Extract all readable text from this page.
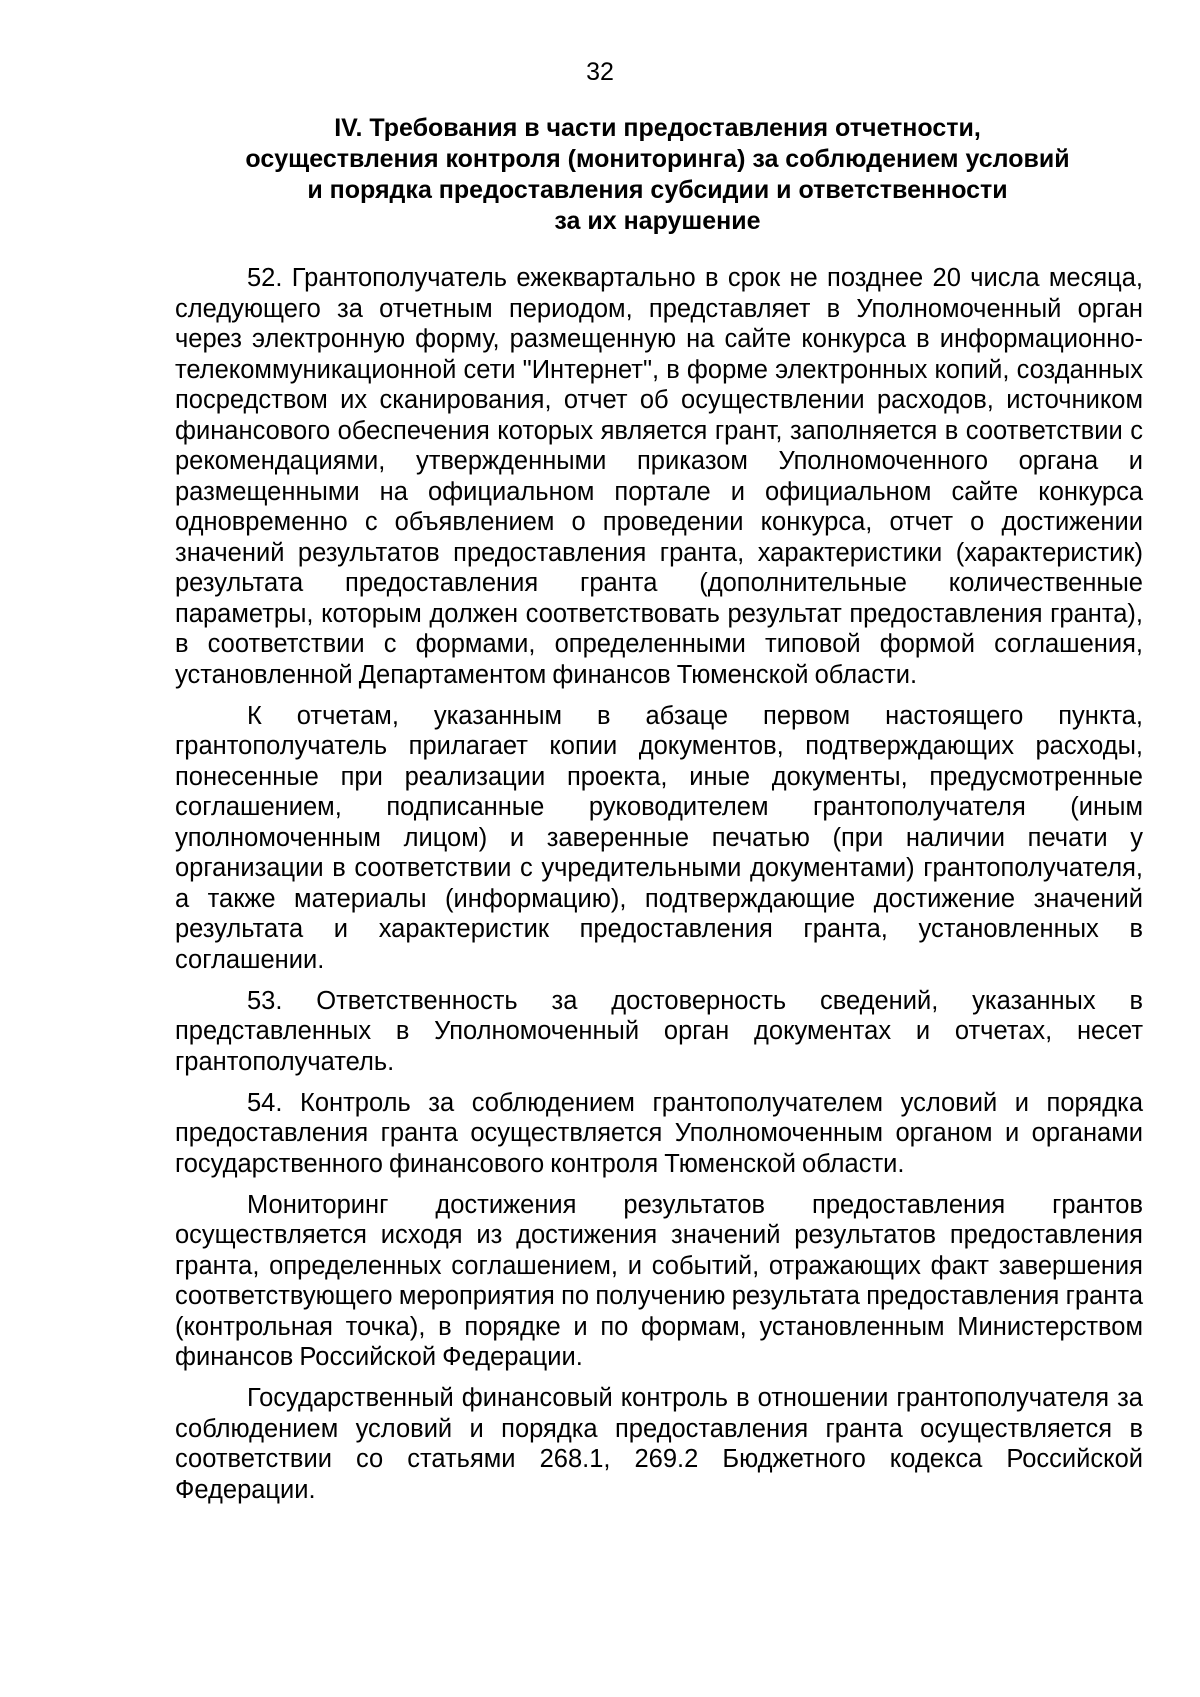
32
IV. Требования в части предоставления отчетности,
осуществления контроля (мониторинга) за соблюдением условий
и порядка предоставления субсидии и ответственности
за их нарушение

52. Грантополучатель ежеквартально в срок не позднее 20 числа месяца, следующего за отчетным периодом, представляет в Уполномоченный орган через электронную форму, размещенную на сайте конкурса в информационно-телекоммуникационной сети "Интернет", в форме электронных копий, созданных посредством их сканирования, отчет об осуществлении расходов, источником финансового обеспечения которых является грант, заполняется в соответствии с рекомендациями, утвержденными приказом Уполномоченного органа и размещенными на официальном портале и официальном сайте конкурса одновременно с объявлением о проведении конкурса, отчет о достижении значений результатов предоставления гранта, характеристики (характеристик) результата предоставления гранта (дополнительные количественные параметры, которым должен соответствовать результат предоставления гранта), в соответствии с формами, определенными типовой формой соглашения, установленной Департаментом финансов Тюменской области.

К отчетам, указанным в абзаце первом настоящего пункта, грантополучатель прилагает копии документов, подтверждающих расходы, понесенные при реализации проекта, иные документы, предусмотренные соглашением, подписанные руководителем грантополучателя (иным уполномоченным лицом) и заверенные печатью (при наличии печати у организации в соответствии с учредительными документами) грантополучателя, а также материалы (информацию), подтверждающие достижение значений результата и характеристик предоставления гранта, установленных в соглашении.

53. Ответственность за достоверность сведений, указанных в представленных в Уполномоченный орган документах и отчетах, несет грантополучатель.

54. Контроль за соблюдением грантополучателем условий и порядка предоставления гранта осуществляется Уполномоченным органом и органами государственного финансового контроля Тюменской области.

Мониторинг достижения результатов предоставления грантов осуществляется исходя из достижения значений результатов предоставления гранта, определенных соглашением, и событий, отражающих факт завершения соответствующего мероприятия по получению результата предоставления гранта (контрольная точка), в порядке и по формам, установленным Министерством финансов Российской Федерации.

Государственный финансовый контроль в отношении грантополучателя за соблюдением условий и порядка предоставления гранта осуществляется в соответствии со статьями 268.1, 269.2 Бюджетного кодекса Российской Федерации.
